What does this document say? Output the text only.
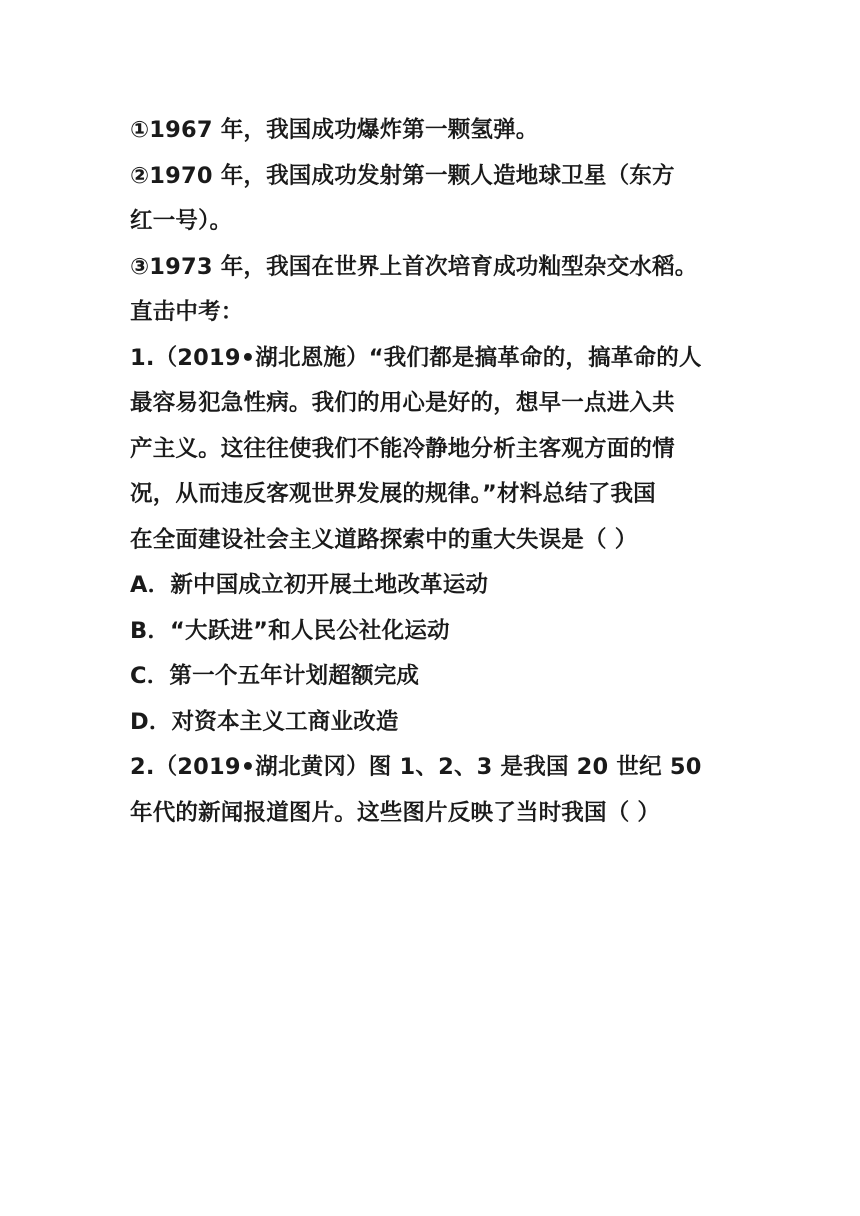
①1967 年，我国成功爆炸第一颗氢弹。
②1970 年，我国成功发射第一颗人造地球卫星（东方
红一号）。
③1973 年，我国在世界上首次培育成功籼型杂交水稻。
直击中考：
1.（2019•湖北恩施）“我们都是搞革命的，搞革命的人
最容易犯急性病。我们的用心是好的，想早一点进入共
产主义。这往往使我们不能冷静地分析主客观方面的情
况，从而违反客观世界发展的规律。”材料总结了我国
在全面建设社会主义道路探索中的重大失误是（ ）
A．新中国成立初开展土地改革运动
B．“大跃进”和人民公社化运动
C．第一个五年计划超额完成
D．对资本主义工商业改造
2.（2019•湖北黄冈）图 1、2、3 是我国 20 世纪 50
年代的新闻报道图片。这些图片反映了当时我国（ ）
